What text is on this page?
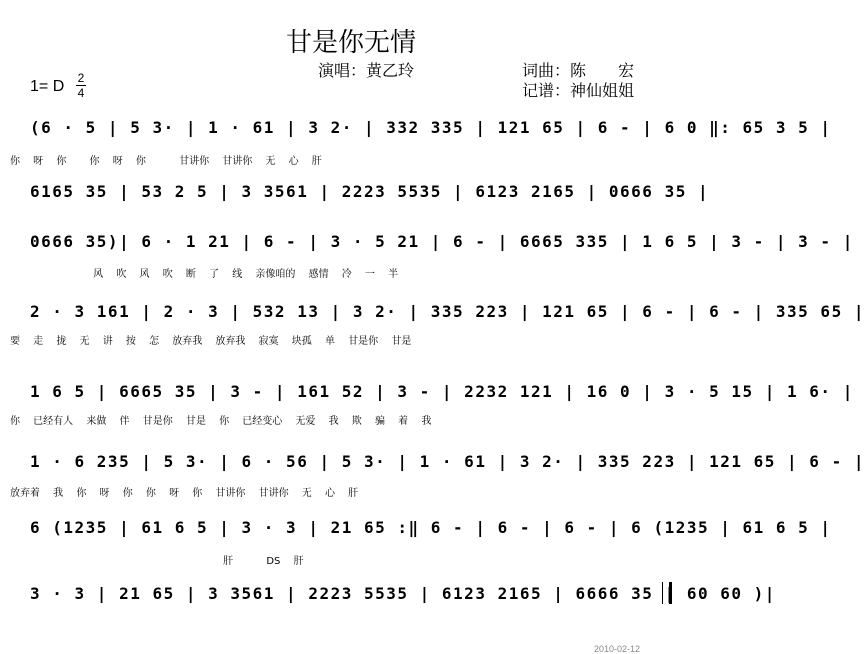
甘是你无情
演唱：黄乙玲	词曲：陈　　宏
记谱：神仙姐姐
1= D 2
4
(6 · 5 | 5 3· | 1 · 61 | 3 2· | 332 335 | 121 65 | 6 - | 6 0 ‖: 65 3 5 |
你 呀 你　 你 呀 你　　 甘讲你 甘讲你 无 心 肝
6165 35 | 53 2 5 | 3 3561 | 2223 5535 | 6123 2165 | 0666 35 |
0666 35)| 6 · 1 21 | 6 - | 3 · 5 21 | 6 - | 6665 335 | 1 6 5 | 3 - | 3 - |
　　　　　　　 风 吹 风 吹 断 了 线 亲像咱的 感情 冷 一 半
2 · 3 161 | 2 · 3 | 532 13 | 3 2· | 335 223 | 121 65 | 6 - | 6 - | 335 65 |
要 走 拢 无 讲 按 怎 放弃我 放弃我 寂寞 块孤 单 甘是你 甘是
1 6 5 | 6665 35 | 3 - | 161 52 | 3 - | 2232 121 | 16 0 | 3 · 5 15 | 1 6· |
你 已经有人 来做 伴 甘是你 甘是 你 已经变心 无爱 我 欺 骗 着 我
1 · 6 235 | 5 3· | 6 · 56 | 5 3· | 1 · 61 | 3 2· | 335 223 | 121 65 | 6 - |
放弃着 我 你 呀 你 你 呀 你 甘讲你 甘讲你 无 心 肝
6 (1235 | 61 6 5 | 3 · 3 | 21 65 :‖ 6 - | 6 - | 6 - | 6 (1235 | 61 6 5 |
　　　　　　　　　　　　　　　　　　　　 肝　　 DS 肝
3 · 3 | 21 65 | 3 3561 | 2223 5535 | 6123 2165 | 6666 35 | 60 60 )|
2010-02-12
